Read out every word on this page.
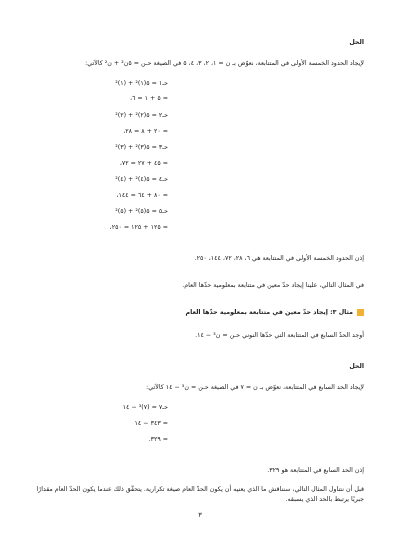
الحل
لإيجاد الحدود الخمسة الأولى في المتتابعة، نعوّض بـ ن = ١، ٢، ٣، ٤، ٥ في الصيغة حـن = ٥ن² + ن² كالآتي:
حـ١ = ٥(١)² + (١)²
= ٥ + ١ = ٦،
حـ٢ = ٥(٢)² + (٢)²
= ٢٠ + ٨ = ٢٨،
حـ٣ = ٥(٣)² + (٣)²
= ٤٥ + ٢٧ = ٧٢،
حـ٤ = ٥(٤)² + (٤)²
= ٨٠ + ٦٤ = ١٤٤،
حـ٥ = ٥(٥)² + (٥)²
= ١٢٥ + ١٢٥ = ٢٥٠،
إذن الحدود الخمسة الأولى في المتتابعة هي ٦، ٢٨، ٧٢، ١٤٤، ٢٥٠.
في المثال التالي، علينا إيجاد حدّ معين في متتابعة بمعلومية حدّها العام.
مثال ٣: إيجاد حدّ معين في متتابعة بمعلومية حدّها العام
أوجد الحدّ السابع في المتتابعة التي حدّها النوني حـن = ن³ − ١٤.
الحل
لإيجاد الحد السابع في المتتابعة، نعوّض بـ ن = ٧ في الصيغة حـن = ن³ − ١٤ كالآتي:
حـ٧ = (٧)³ − ١٤
= ٣٤٣ − ١٤
= ٣٢٩.
إذن الحد السابع في المتتابعة هو ٣٢٩.
قبل أن نتناول المثال التالي، سنناقش ما الذي يعنيه أن يكون الحدّ العام صيغة تكرارية. يتحقّق ذلك عندما يكون الحدّ العام مقدارًا جبريًا يرتبط بالحد الذي يسبقه.
٣
